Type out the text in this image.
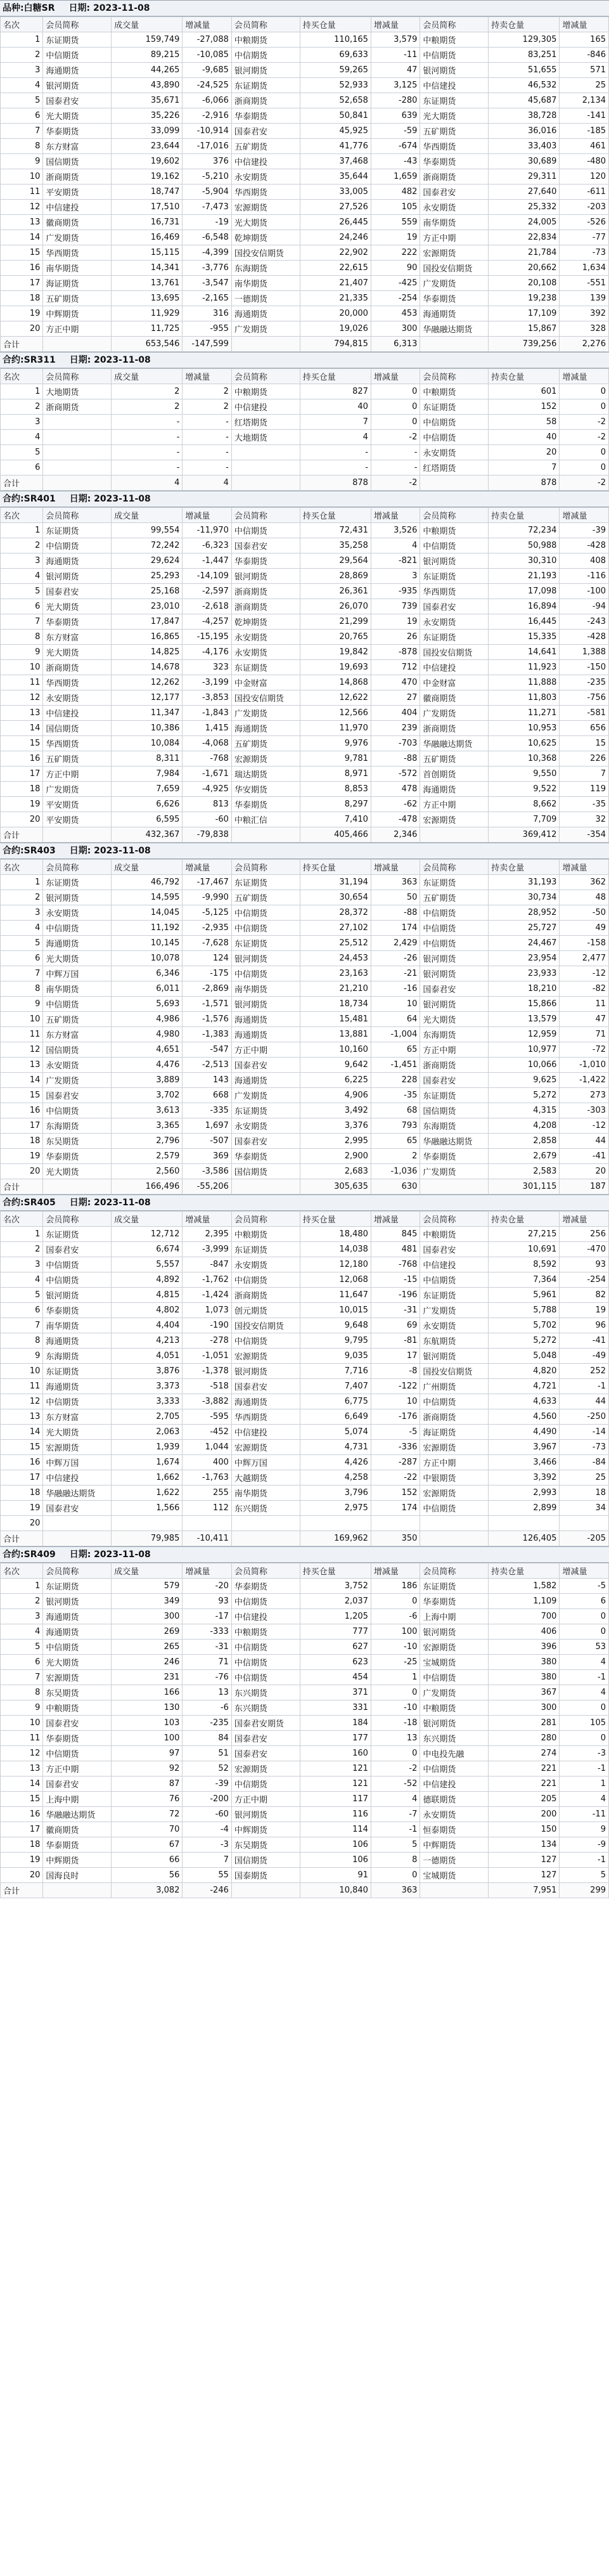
品种:白糖SR 日期: 2023-11-08
名次	会员简称	成交量	增减量	会员简称	持买仓量	增减量	会员简称	持卖仓量	增减量
1	东证期货	159,749	-27,088	中粮期货	110,165	3,579	中粮期货	129,305	165
2	中信期货	89,215	-10,085	中信期货	69,633	-11	中信期货	83,251	-846
3	海通期货	44,265	-9,685	银河期货	59,265	47	银河期货	51,655	571
4	银河期货	43,890	-24,525	东证期货	52,933	3,125	中信建投	46,532	25
5	国泰君安	35,671	-6,066	浙商期货	52,658	-280	东证期货	45,687	2,134
6	光大期货	35,226	-2,916	华泰期货	50,841	639	光大期货	38,728	-141
7	华泰期货	33,099	-10,914	国泰君安	45,925	-59	五矿期货	36,016	-185
8	东方财富	23,644	-17,016	五矿期货	41,776	-674	华西期货	33,403	461
9	国信期货	19,602	376	中信建投	37,468	-43	华泰期货	30,689	-480
10	浙商期货	19,162	-5,210	永安期货	35,644	1,659	浙商期货	29,311	120
11	平安期货	18,747	-5,904	华西期货	33,005	482	国泰君安	27,640	-611
12	中信建投	17,510	-7,473	宏源期货	27,526	105	永安期货	25,332	-203
13	徽商期货	16,731	-19	光大期货	26,445	559	南华期货	24,005	-526
14	广发期货	16,469	-6,548	乾坤期货	24,246	19	方正中期	22,834	-77
15	华西期货	15,115	-4,399	国投安信期货	22,902	222	宏源期货	21,784	-73
16	南华期货	14,341	-3,776	东海期货	22,615	90	国投安信期货	20,662	1,634
17	海证期货	13,761	-3,547	南华期货	21,407	-425	广发期货	20,108	-551
18	五矿期货	13,695	-2,165	一德期货	21,335	-254	华泰期货	19,238	139
19	中辉期货	11,929	316	海通期货	20,000	453	海通期货	17,109	392
20	方正中期	11,725	-955	广发期货	19,026	300	华融融达期货	15,867	328
合计		653,546	-147,599		794,815	6,313		739,256	2,276
合约:SR311 日期: 2023-11-08
名次	会员简称	成交量	增减量	会员简称	持买仓量	增减量	会员简称	持卖仓量	增减量
1	大地期货	2	2	中粮期货	827	0	中粮期货	601	0
2	浙商期货	2	2	中信建投	40	0	东证期货	152	0
3		-	-	红塔期货	7	0	中信期货	58	-2
4		-	-	大地期货	4	-2	中信期货	40	-2
5		-	-		-	-	永安期货	20	0
6		-	-		-	-	红塔期货	7	0
合计		4	4		878	-2		878	-2
合约:SR401 日期: 2023-11-08
名次	会员简称	成交量	增减量	会员简称	持买仓量	增减量	会员简称	持卖仓量	增减量
1	东证期货	99,554	-11,970	中信期货	72,431	3,526	中粮期货	72,234	-39
2	中信期货	72,242	-6,323	国泰君安	35,258	4	中信期货	50,988	-428
3	海通期货	29,624	-1,447	华泰期货	29,564	-821	银河期货	30,310	408
4	银河期货	25,293	-14,109	银河期货	28,869	3	东证期货	21,193	-116
5	国泰君安	25,168	-2,597	浙商期货	26,361	-935	华西期货	17,098	-100
6	光大期货	23,010	-2,618	浙商期货	26,070	739	国泰君安	16,894	-94
7	华泰期货	17,847	-4,257	乾坤期货	21,299	19	永安期货	16,445	-243
8	东方财富	16,865	-15,195	永安期货	20,765	26	东证期货	15,335	-428
9	光大期货	14,825	-4,176	永安期货	19,842	-878	国投安信期货	14,641	1,388
10	浙商期货	14,678	323	东证期货	19,693	712	中信建投	11,923	-150
11	华西期货	12,262	-3,199	中金财富	14,868	470	中金财富	11,888	-235
12	永安期货	12,177	-3,853	国投安信期货	12,622	27	徽商期货	11,803	-756
13	中信建投	11,347	-1,843	广发期货	12,566	404	广发期货	11,271	-581
14	国信期货	10,386	1,415	海通期货	11,970	239	浙商期货	10,953	656
15	华西期货	10,084	-4,068	五矿期货	9,976	-703	华融融达期货	10,625	15
16	五矿期货	8,311	-768	宏源期货	9,781	-88	五矿期货	10,368	226
17	方正中期	7,984	-1,671	瑞达期货	8,971	-572	首创期货	9,550	7
18	广发期货	7,659	-4,925	华安期货	8,853	478	海通期货	9,522	119
19	平安期货	6,626	813	华泰期货	8,297	-62	方正中期	8,662	-35
20	平安期货	6,595	-60	中粮汇信	7,410	-478	宏源期货	7,709	32
合计		432,367	-79,838		405,466	2,346		369,412	-354
合约:SR403 日期: 2023-11-08
名次	会员简称	成交量	增减量	会员简称	持买仓量	增减量	会员简称	持卖仓量	增减量
1	东证期货	46,792	-17,467	东证期货	31,194	363	东证期货	31,193	362
2	银河期货	14,595	-9,990	五矿期货	30,654	50	五矿期货	30,734	48
3	永安期货	14,045	-5,125	中信期货	28,372	-88	中信期货	28,952	-50
4	中信期货	11,192	-2,935	中信期货	27,102	174	中信期货	25,727	49
5	海通期货	10,145	-7,628	东证期货	25,512	2,429	中信期货	24,467	-158
6	光大期货	10,078	124	银河期货	24,453	-26	银河期货	23,954	2,477
7	中辉万国	6,346	-175	中信期货	23,163	-21	银河期货	23,933	-12
8	南华期货	6,011	-2,869	南华期货	21,210	-16	国泰君安	18,210	-82
9	中信期货	5,693	-1,571	银河期货	18,734	10	银河期货	15,866	11
10	五矿期货	4,986	-1,576	海通期货	15,481	64	光大期货	13,579	47
11	东方财富	4,980	-1,383	海通期货	13,881	-1,004	东海期货	12,959	71
12	国信期货	4,651	-547	方正中期	10,160	65	方正中期	10,977	-72
13	永安期货	4,476	-2,513	国泰君安	9,642	-1,451	浙商期货	10,066	-1,010
14	广发期货	3,889	143	海通期货	6,225	228	国泰君安	9,625	-1,422
15	国泰君安	3,702	668	广发期货	4,906	-35	东证期货	5,272	273
16	中信期货	3,613	-335	东证期货	3,492	68	国信期货	4,315	-303
17	东海期货	3,365	1,697	永安期货	3,376	793	东海期货	4,208	-12
18	东吴期货	2,796	-507	国泰君安	2,995	65	华融融达期货	2,858	44
19	华泰期货	2,579	369	华泰期货	2,900	2	华泰期货	2,679	-41
20	光大期货	2,560	-3,586	国信期货	2,683	-1,036	广发期货	2,583	20
合计		166,496	-55,206		305,635	630		301,115	187
合约:SR405 日期: 2023-11-08
名次	会员简称	成交量	增减量	会员简称	持买仓量	增减量	会员简称	持卖仓量	增减量
1	东证期货	12,712	2,395	中粮期货	18,480	845	中粮期货	27,215	256
2	国泰君安	6,674	-3,999	东证期货	14,038	481	国泰君安	10,691	-470
3	中信期货	5,557	-847	永安期货	12,180	-768	中信建投	8,592	93
4	中信期货	4,892	-1,762	中信期货	12,068	-15	中信期货	7,364	-254
5	银河期货	4,815	-1,424	浙商期货	11,647	-196	东证期货	5,961	82
6	华泰期货	4,802	1,073	创元期货	10,015	-31	广发期货	5,788	19
7	南华期货	4,404	-190	国投安信期货	9,648	69	永安期货	5,702	96
8	海通期货	4,213	-278	中信期货	9,795	-81	东航期货	5,272	-41
9	东海期货	4,051	-1,051	宏源期货	9,035	17	银河期货	5,048	-49
10	东证期货	3,876	-1,378	银河期货	7,716	-8	国投安信期货	4,820	252
11	海通期货	3,373	-518	国泰君安	7,407	-122	广州期货	4,721	-1
12	中信期货	3,333	-3,882	海通期货	6,775	10	中信期货	4,633	44
13	东方财富	2,705	-595	华西期货	6,649	-176	浙商期货	4,560	-250
14	光大期货	2,063	-452	中信建投	5,074	-5	海证期货	4,490	-14
15	宏源期货	1,939	1,044	宏源期货	4,731	-336	宏源期货	3,967	-73
16	中辉万国	1,674	400	中辉万国	4,426	-287	方正中期	3,466	-84
17	中信建投	1,662	-1,763	大越期货	4,258	-22	中银期货	3,392	25
18	华融融达期货	1,622	255	南华期货	3,796	152	宏源期货	2,993	18
19	国泰君安	1,566	112	东兴期货	2,975	174	中信期货	2,899	34
20									
合计		79,985	-10,411		169,962	350		126,405	-205
合约:SR409 日期: 2023-11-08
名次	会员简称	成交量	增减量	会员简称	持买仓量	增减量	会员简称	持卖仓量	增减量
1	东证期货	579	-20	华泰期货	3,752	186	东证期货	1,582	-5
2	银河期货	349	93	中信期货	2,037	0	华泰期货	1,109	6
3	海通期货	300	-17	中信建投	1,205	-6	上海中期	700	0
4	海通期货	269	-333	中粮期货	777	100	银河期货	406	0
5	中信期货	265	-31	中信期货	627	-10	宏源期货	396	53
6	光大期货	246	71	中信期货	623	-25	宝城期货	380	4
7	宏源期货	231	-76	中信期货	454	1	中信期货	380	-1
8	东吴期货	166	13	东兴期货	371	0	广发期货	367	4
9	中粮期货	130	-6	东兴期货	331	-10	中粮期货	300	0
10	国泰君安	103	-235	国泰君安期货	184	-18	银河期货	281	105
11	华泰期货	100	84	国泰君安	177	13	东兴期货	280	0
12	中信期货	97	51	国泰君安	160	0	中电投先融	274	-3
13	方正中期	92	52	宏源期货	121	-2	中信期货	221	-1
14	国泰君安	87	-39	中信期货	121	-52	中信建投	221	1
15	上海中期	76	-200	方正中期	117	4	德联期货	205	4
16	华融融达期货	72	-60	银河期货	116	-7	永安期货	200	-11
17	徽商期货	70	-4	中辉期货	114	-1	恒泰期货	150	9
18	华泰期货	67	-3	东吴期货	106	5	中辉期货	134	-9
19	中辉期货	66	7	国信期货	106	8	一德期货	127	-1
20	国海良时	56	55	国泰期货	91	0	宝城期货	127	5
合计		3,082	-246		10,840	363		7,951	299
